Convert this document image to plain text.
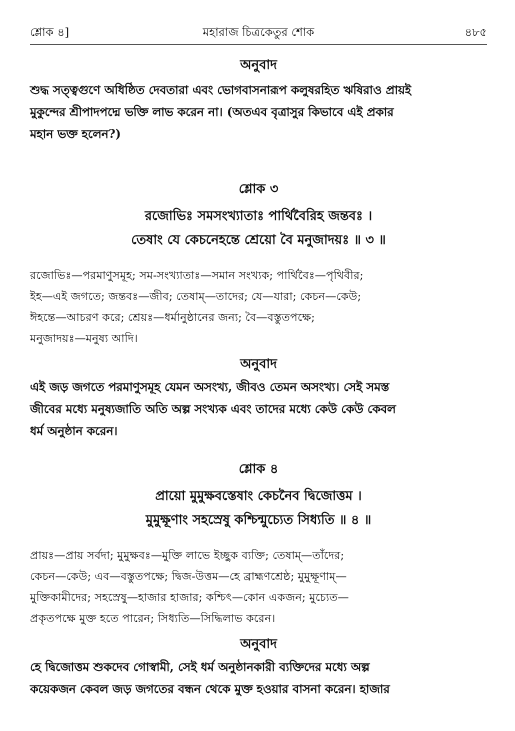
শ্লোক ৪]	মহারাজ চিত্রকেতুর শোক	৪৮৫
অনুবাদ
শুদ্ধ সত্ত্বগুণে অধিষ্ঠিত দেবতারা এবং ভোগবাসনারূপ কলুষরহিত ঋষিরাও প্রায়ই
মুকুন্দের শ্রীপাদপদ্মে ভক্তি লাভ করেন না। (অতএব বৃত্রাসুর কিভাবে এই প্রকার
মহান ভক্ত হলেন?)
শ্লোক ৩
রজোভিঃ সমসংখ্যাতাঃ পার্থিবৈরিহ জন্তবঃ ।
তেষাং যে কেচনেহন্তে শ্রেয়ো বৈ মনুজাদয়ঃ ॥ ৩ ॥
রজোভিঃ—পরমাণুসমূহ; সম-সংখ্যাতাঃ—সমান সংখ্যক; পার্থিবৈঃ—পৃথিবীর;
ইহ—এই জগতে; জন্তবঃ—জীব; তেষাম্—তাদের; যে—যারা; কেচন—কেউ;
ঈহন্তে—আচরণ করে; শ্রেয়ঃ—ধর্মানুষ্ঠানের জন্য; বৈ—বস্তুতপক্ষে;
মনুজাদয়ঃ—মনুষ্য আদি।
অনুবাদ
এই জড় জগতে পরমাণুসমূহ যেমন অসংখ্য, জীবও তেমন অসংখ্য। সেই সমস্ত
জীবের মধ্যে মনুষ্যজাতি অতি অল্প সংখ্যক এবং তাদের মধ্যে কেউ কেউ কেবল
ধর্ম অনুষ্ঠান করেন।
শ্লোক ৪
প্রায়ো মুমুক্ষবস্তেষাং কেচনৈব দ্বিজোত্তম ।
মুমুক্ষূণাং সহস্রেষু কশ্চিন্মুচ্যেত সিধ্যতি ॥ ৪ ॥
প্রায়ঃ—প্রায় সর্বদা; মুমুক্ষবঃ—মুক্তি লাভে ইচ্ছুক ব্যক্তি; তেষাম্—তাঁদের;
কেচন—কেউ; এব—বস্তুতপক্ষে; দ্বিজ-উত্তম—হে ব্রাহ্মণশ্রেষ্ঠ; মুমুক্ষূণাম্—
মুক্তিকামীদের; সহস্রেষু—হাজার হাজার; কশ্চিৎ—কোন একজন; মুচ্যেত—
প্রকৃতপক্ষে মুক্ত হতে পারেন; সিধ্যতি—সিদ্ধিলাভ করেন।
অনুবাদ
হে দ্বিজোত্তম শুকদেব গোস্বামী, সেই ধর্ম অনুষ্ঠানকারী ব্যক্তিদের মধ্যে অল্প
কয়েকজন কেবল জড় জগতের বন্ধন থেকে মুক্ত হওয়ার বাসনা করেন। হাজার
